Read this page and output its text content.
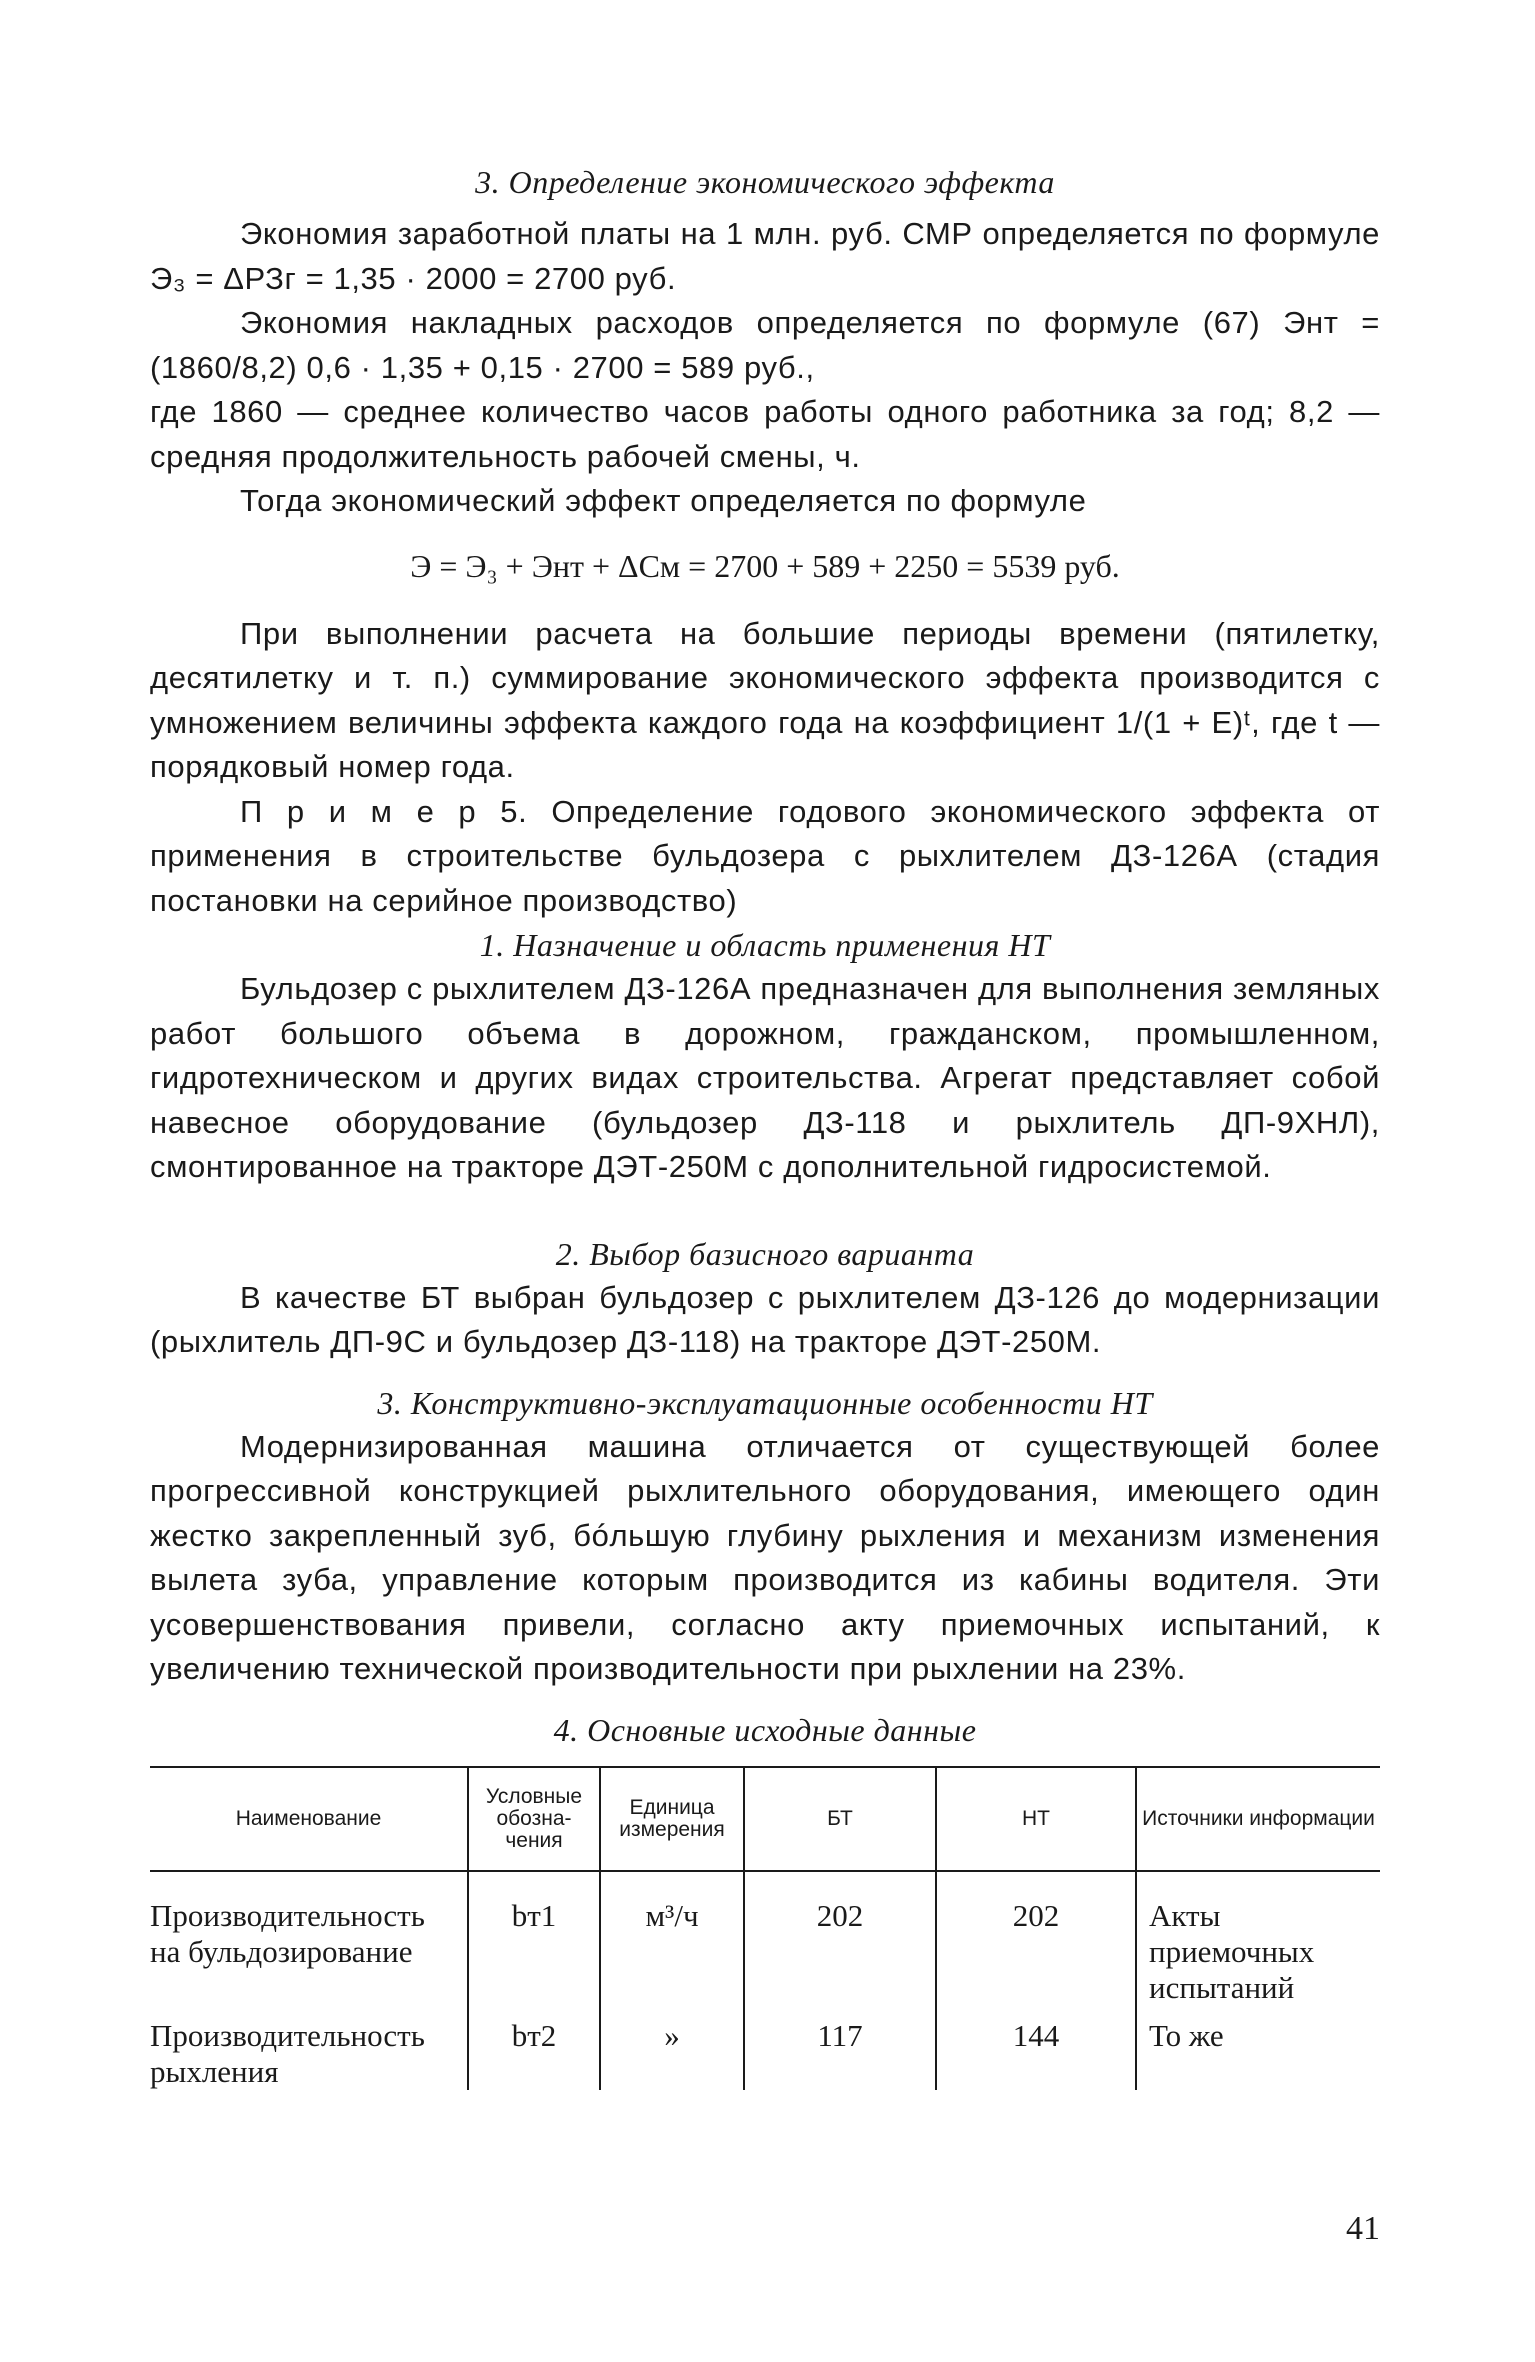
3. Определение экономического эффекта

Экономия заработной платы на 1 млн. руб. СМР определяется по формуле Э₃ = ΔРЗг = 1,35 · 2000 = 2700 руб.

Экономия накладных расходов определяется по формуле (67) Энт = (1860/8,2) 0,6 · 1,35 + 0,15 · 2700 = 589 руб.,

где 1860 — среднее количество часов работы одного работника за год; 8,2 — средняя продолжительность рабочей смены, ч.

Тогда экономический эффект определяется по формуле

Э = Э₃ + Энт + ΔСм = 2700 + 589 + 2250 = 5539 руб.

При выполнении расчета на большие периоды времени (пятилетку, десятилетку и т. п.) суммирование экономического эффекта производится с умножением величины эффекта каждого года на коэффициент 1/(1 + Е)ᵗ, где t — порядковый номер года.

П р и м е р 5. Определение годового экономического эффекта от применения в строительстве бульдозера с рыхлителем ДЗ-126А (стадия постановки на серийное производство)

1. Назначение и область применения НТ

Бульдозер с рыхлителем ДЗ-126А предназначен для выполнения земляных работ большого объема в дорожном, гражданском, промышленном, гидротехническом и других видах строительства. Агрегат представляет собой навесное оборудование (бульдозер ДЗ-118 и рыхлитель ДП-9ХНЛ), смонтированное на тракторе ДЭТ-250М с дополнительной гидросистемой.

2. Выбор базисного варианта

В качестве БТ выбран бульдозер с рыхлителем ДЗ-126 до модернизации (рыхлитель ДП-9С и бульдозер ДЗ-118) на тракторе ДЭТ-250М.

3. Конструктивно-эксплуатационные особенности НТ

Модернизированная машина отличается от существующей более прогрессивной конструкцией рыхлительного оборудования, имеющего один жестко закрепленный зуб, бóльшую глубину рыхления и механизм изменения вылета зуба, управление которым производится из кабины водителя. Эти усовершенствования привели, согласно акту приемочных испытаний, к увеличению технической производительности при рыхлении на 23%.

4. Основные исходные данные

Наименование	Условные обозна-чения	Единица измерения	БТ	НТ	Источники информации
Производительность на бульдозирование	bт1	м³/ч	202	202	Акты приемочных испытаний
Производительность рыхления	bт2	»	117	144	То же
41
